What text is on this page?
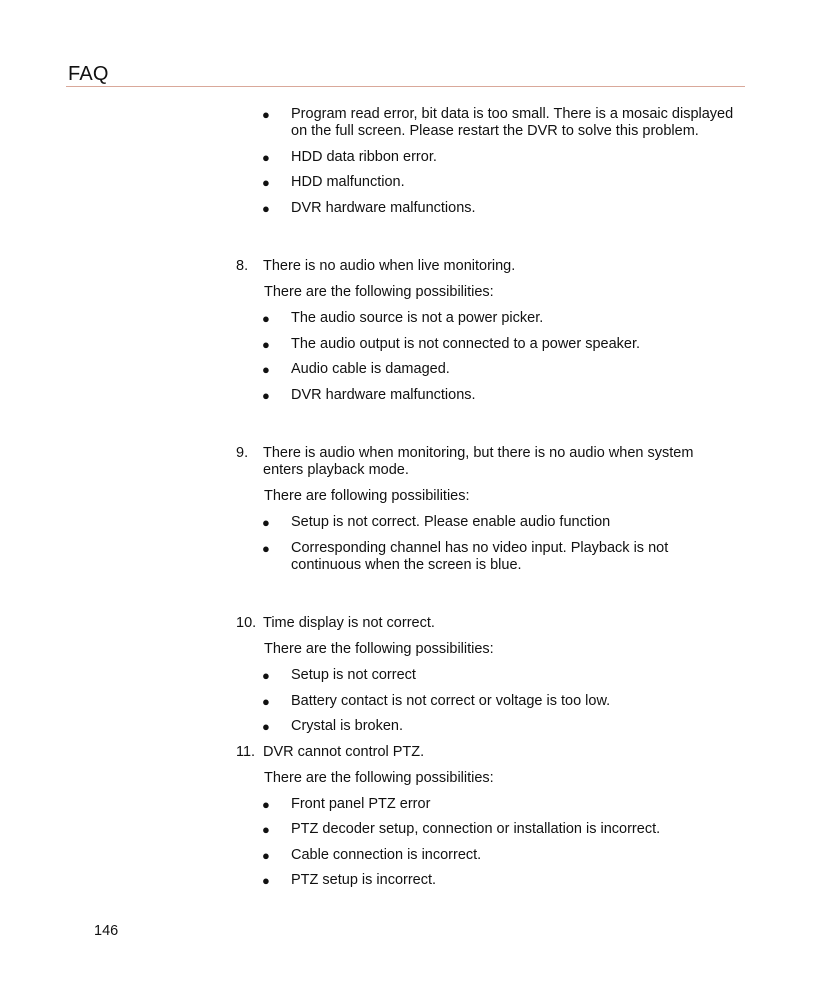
FAQ
● Program read error, bit data is too small. There is a mosaic displayed on the full screen. Please restart the DVR to solve this problem.
● HDD data ribbon error.
● HDD malfunction.
● DVR hardware malfunctions.
8. There is no audio when live monitoring.
There are the following possibilities:
● The audio source is not a power picker.
● The audio output is not connected to a power speaker.
● Audio cable is damaged.
● DVR hardware malfunctions.
9. There is audio when monitoring, but there is no audio when system enters playback mode.
There are following possibilities:
● Setup is not correct. Please enable audio function
● Corresponding channel has no video input. Playback is not continuous when the screen is blue.
10. Time display is not correct.
There are the following possibilities:
● Setup is not correct
● Battery contact is not correct or voltage is too low.
● Crystal is broken.
11. DVR cannot control PTZ.
There are the following possibilities:
● Front panel PTZ error
● PTZ decoder setup, connection or installation is incorrect.
● Cable connection is incorrect.
● PTZ setup is incorrect.
146
